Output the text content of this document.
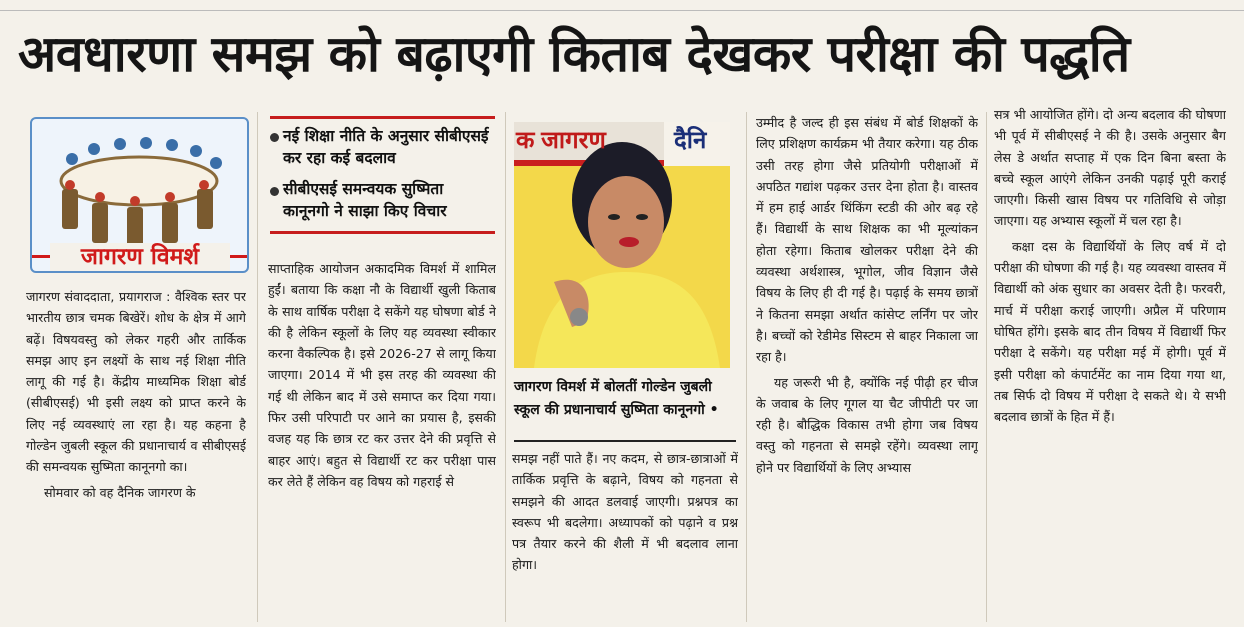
अवधारणा समझ को बढ़ाएगी किताब देखकर परीक्षा की पद्धति
जागरण विमर्श

जागरण संवाददाता, प्रयागराज : वैश्विक स्तर पर भारतीय छात्र चमक बिखेरें। शोध के क्षेत्र में आगे बढ़ें। विषयवस्तु को लेकर गहरी और तार्किक समझ आए इन लक्ष्यों के साथ नई शिक्षा नीति लागू की गई है। केंद्रीय माध्यमिक शिक्षा बोर्ड (सीबीएसई) भी इसी लक्ष्य को प्राप्त करने के लिए नई व्यवस्थाएं ला रहा है। यह कहना है गोल्डेन जुबली स्कूल की प्रधानाचार्य व सीबीएसई की समन्वयक सुष्मिता कानूनगो का।

सोमवार को वह दैनिक जागरण के

नई शिक्षा नीति के अनुसार सीबीएसई कर रहा कई बदलाव
सीबीएसई समन्वयक सुष्मिता कानूनगो ने साझा किए विचार

साप्ताहिक आयोजन अकादमिक विमर्श में शामिल हुईं। बताया कि कक्षा नौ के विद्यार्थी खुली किताब के साथ वार्षिक परीक्षा दे सकेंगे यह घोषणा बोर्ड ने की है लेकिन स्कूलों के लिए यह व्यवस्था स्वीकार करना वैकल्पिक है। इसे 2026-27 से लागू किया जाएगा। 2014 में भी इस तरह की व्यवस्था की गई थी लेकिन बाद में उसे समाप्त कर दिया गया। फिर उसी परिपाटी पर आने का प्रयास है, इसकी वजह यह कि छात्र रट कर उत्तर देने की प्रवृत्ति से बाहर आएं। बहुत से विद्यार्थी रट कर परीक्षा पास कर लेते हैं लेकिन वह विषय को गहराई से

क जागरण	दैनि
जागरण विमर्श में बोलतीं गोल्डेन जुबली स्कूल की प्रधानाचार्य सुष्मिता कानूनगो •

समझ नहीं पाते हैं। नए कदम, से छात्र-छात्राओं में तार्किक प्रवृत्ति के बढ़ाने, विषय को गहनता से समझने की आदत डलवाई जाएगी। प्रश्नपत्र का स्वरूप भी बदलेगा। अध्यापकों को पढ़ाने व प्रश्न पत्र तैयार करने की शैली में भी बदलाव लाना होगा।

उम्मीद है जल्द ही इस संबंध में बोर्ड शिक्षकों के लिए प्रशिक्षण कार्यक्रम भी तैयार करेगा। यह ठीक उसी तरह होगा जैसे प्रतियोगी परीक्षाओं में अपठित गद्यांश पढ़कर उत्तर देना होता है। वास्तव में हम हाई आर्डर थिंकिंग स्टडी की ओर बढ़ रहे हैं। विद्यार्थी के साथ शिक्षक का भी मूल्यांकन होता रहेगा। किताब खोलकर परीक्षा देने की व्यवस्था अर्थशास्त्र, भूगोल, जीव विज्ञान जैसे विषय के लिए ही दी गई है। पढ़ाई के समय छात्रों ने कितना समझा अर्थात कांसेप्ट लर्निंग पर जोर है। बच्चों को रेडीमेड सिस्टम से बाहर निकाला जा रहा है।

यह जरूरी भी है, क्योंकि नई पीढ़ी हर चीज के जवाब के लिए गूगल या चैट जीपीटी पर जा रही है। बौद्धिक विकास तभी होगा जब विषय वस्तु को गहनता से समझे रहेंगे। व्यवस्था लागू होने पर विद्यार्थियों के लिए अभ्यास

सत्र भी आयोजित होंगे। दो अन्य बदलाव की घोषणा भी पूर्व में सीबीएसई ने की है। उसके अनुसार बैग लेस डे अर्थात सप्ताह में एक दिन बिना बस्ता के बच्चे स्कूल आएंगे लेकिन उनकी पढ़ाई पूरी कराई जाएगी। किसी खास विषय पर गतिविधि से जोड़ा जाएगा। यह अभ्यास स्कूलों में चल रहा है।

कक्षा दस के विद्यार्थियों के लिए वर्ष में दो परीक्षा की घोषणा की गई है। यह व्यवस्था वास्तव में विद्यार्थी को अंक सुधार का अवसर देती है। फरवरी, मार्च में परीक्षा कराई जाएगी। अप्रैल में परिणाम घोषित होंगे। इसके बाद तीन विषय में विद्यार्थी फिर परीक्षा दे सकेंगे। यह परीक्षा मई में होगी। पूर्व में इसी परीक्षा को कंपार्टमेंट का नाम दिया गया था, तब सिर्फ दो विषय में परीक्षा दे सकते थे। ये सभी बदलाव छात्रों के हित में हैं।
